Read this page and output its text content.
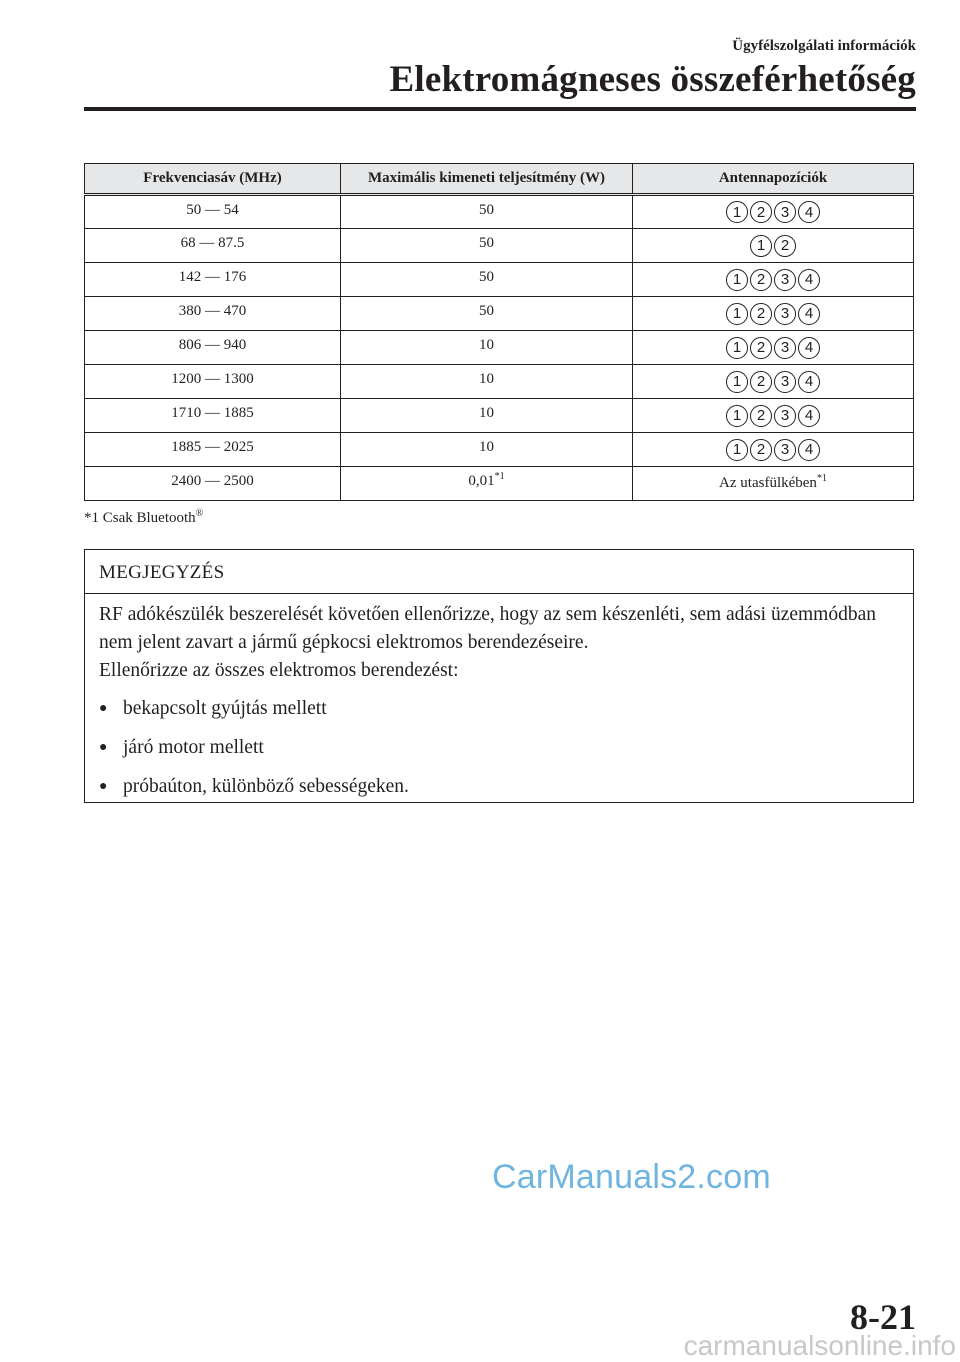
Ügyfélszolgálati információk
Elektromágneses összeférhetőség
Frekvenciasáv (MHz)	Maximális kimeneti teljesítmény (W)	Antennapozíciók
50 — 54	50	1 2 3 4

68 — 87.5	50	1 2

142 — 176	50	1 2 3 4

380 — 470	50	1 2 3 4

806 — 940	10	1 2 3 4

1200 — 1300	10	1 2 3 4

1710 — 1885	10	1 2 3 4

1885 — 2025	10	1 2 3 4

2400 — 2500	0,01$^{*1}$	Az utasfülkében$^{*1}$
*1 Csak Bluetooth®
MEGJEGYZÉS

RF adókészülék beszerelését követően ellenőrizze, hogy az sem készenléti, sem adási üzemmódban nem jelent zavart a jármű gépkocsi elektromos berendezéseire.

Ellenőrizze az összes elektromos berendezést:

● bekapcsolt gyújtás mellett
● járó motor mellett
● próbaúton, különböző sebességeken.
CarManuals2.com
8-21
carmanualsonline.info
